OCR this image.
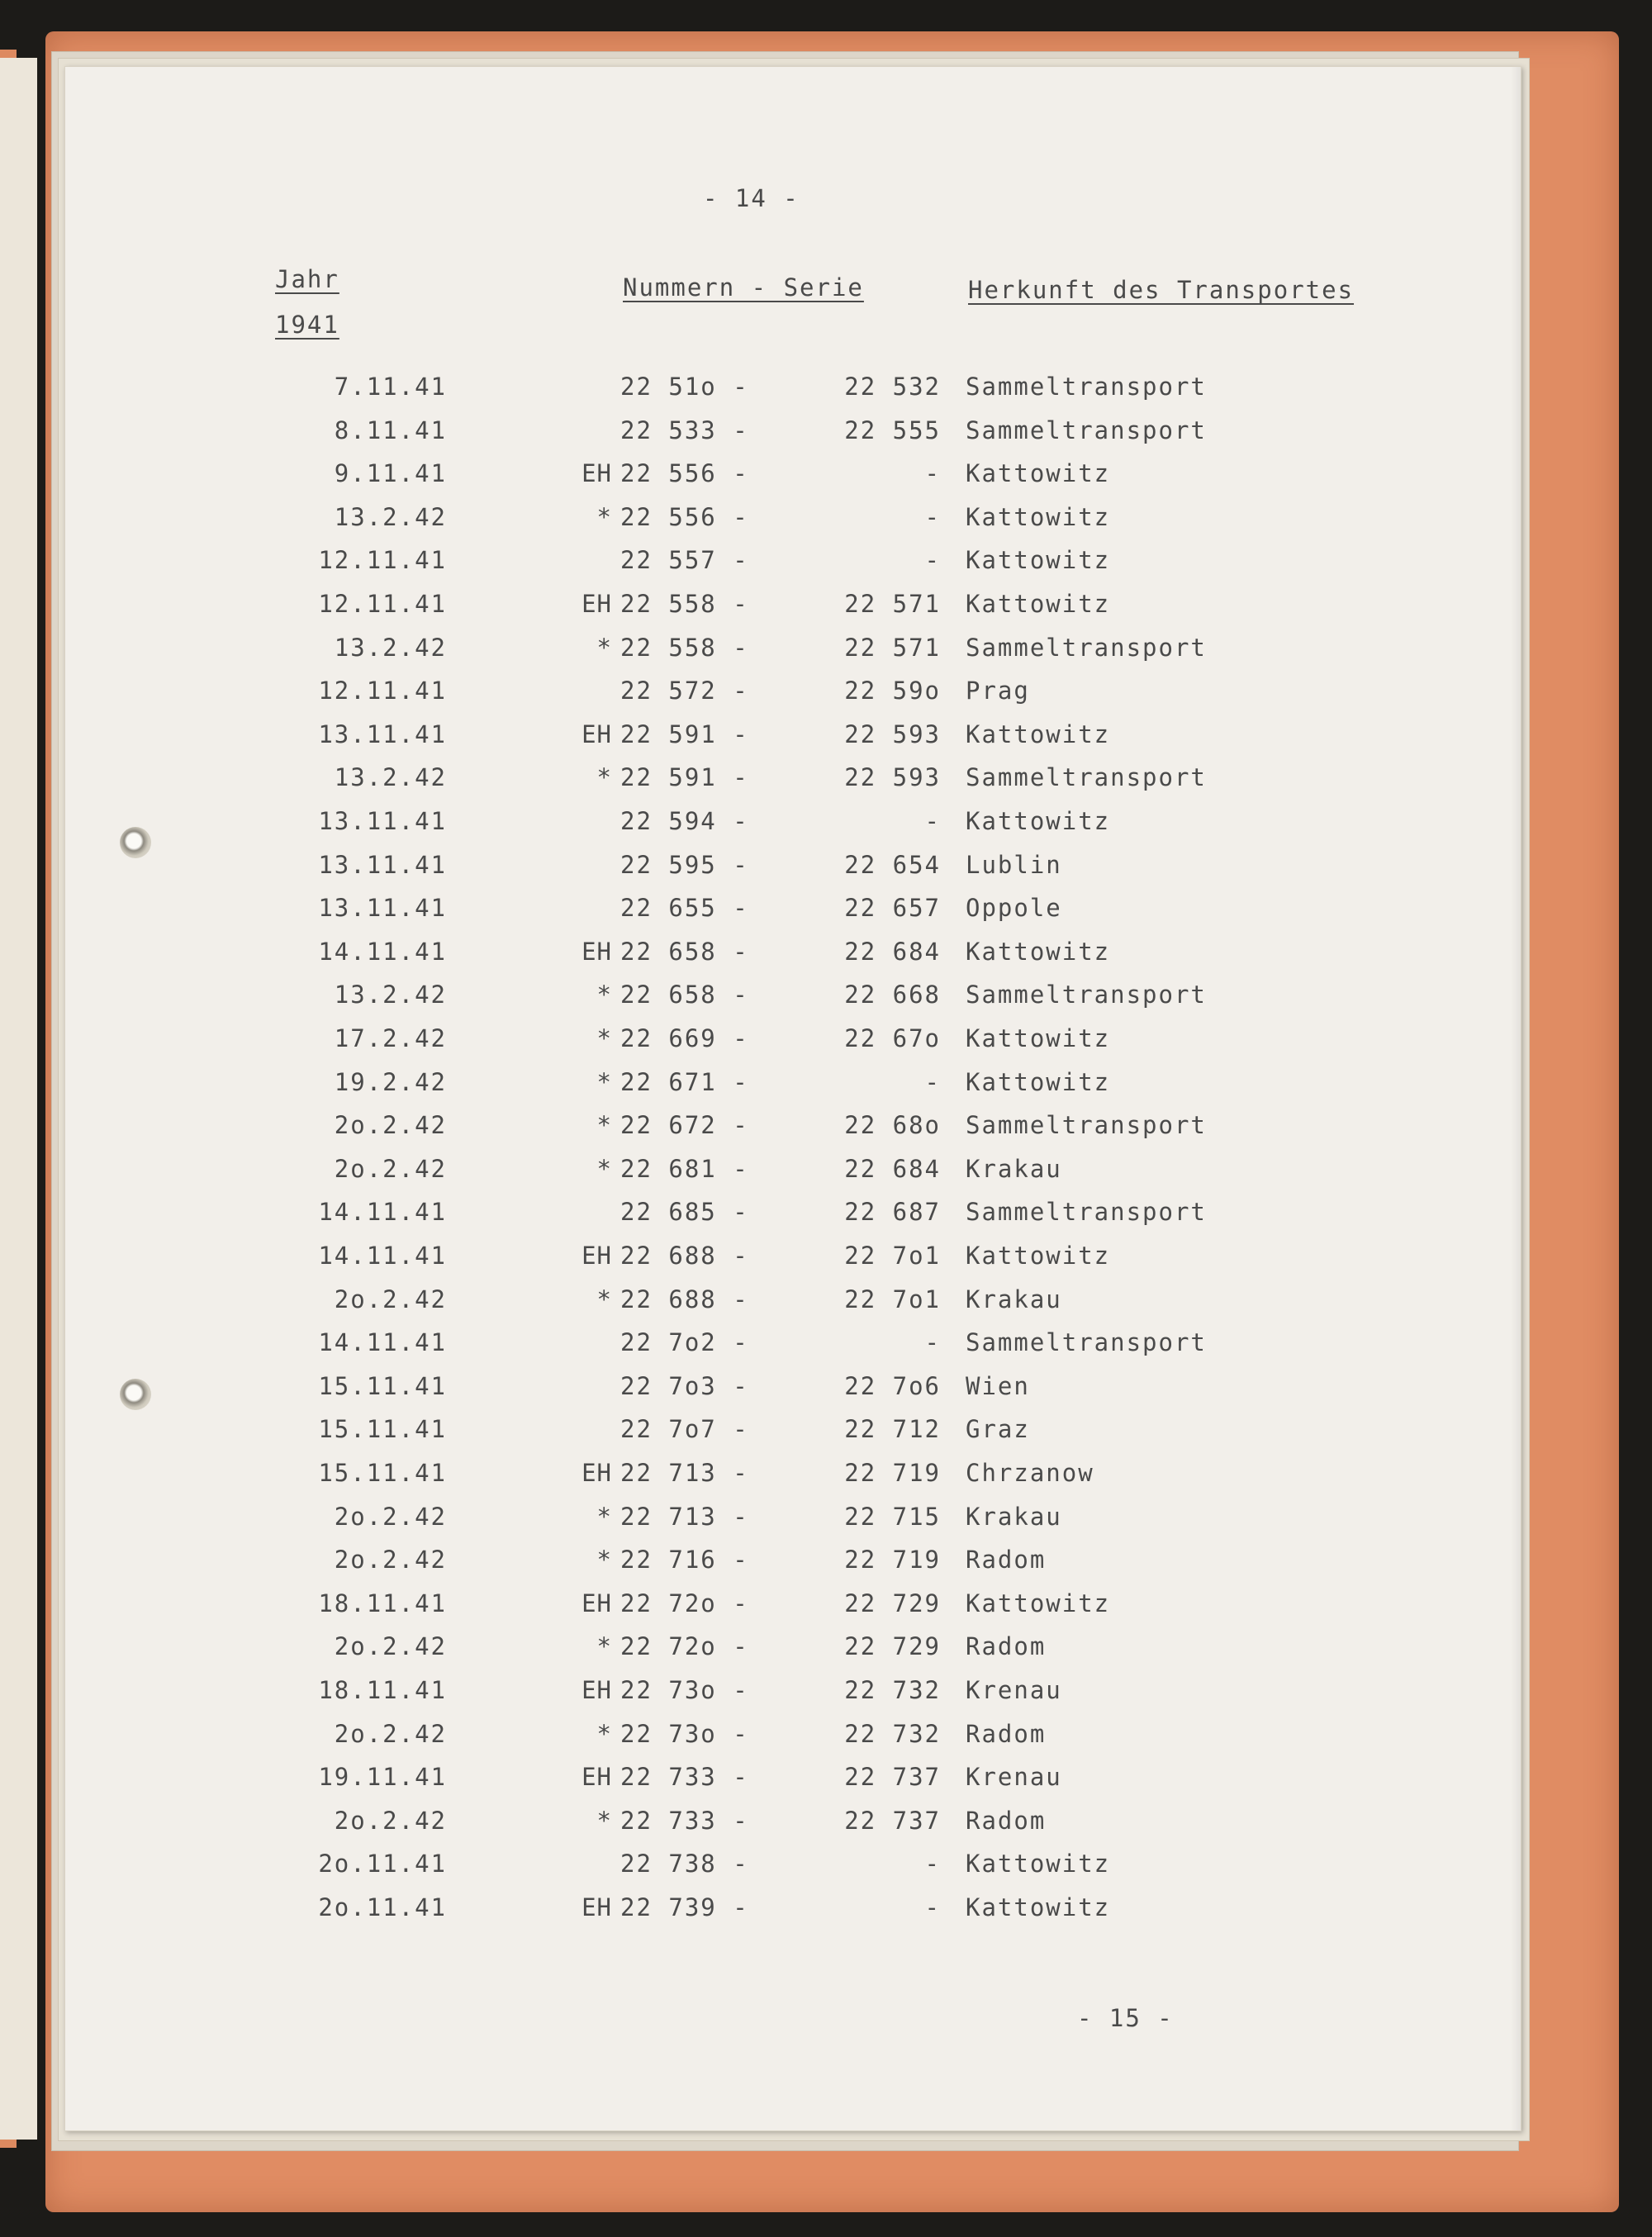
- 14 -
Jahr
1941
Nummern - Serie	Herkunft des Transportes
7.11.41	22 51o -	22 532 Sammeltransport
8.11.41	22 533 -	22 555 Sammeltransport
9.11.41	EH 22 556 -	- Kattowitz
13.2.42	* 22 556 -	- Kattowitz
12.11.41	22 557 -	- Kattowitz
12.11.41	EH 22 558 -	22 571 Kattowitz
13.2.42	* 22 558 -	22 571 Sammeltransport
12.11.41	22 572 -	22 59o Prag
13.11.41	EH 22 591 -	22 593 Kattowitz
13.2.42	* 22 591 -	22 593 Sammeltransport
13.11.41	22 594 -	- Kattowitz
13.11.41	22 595 -	22 654 Lublin
13.11.41	22 655 -	22 657 Oppole
14.11.41	EH 22 658 -	22 684 Kattowitz
13.2.42	* 22 658 -	22 668 Sammeltransport
17.2.42	* 22 669 -	22 67o Kattowitz
19.2.42	* 22 671 -	- Kattowitz
2o.2.42	* 22 672 -	22 68o Sammeltransport
2o.2.42	* 22 681 -	22 684 Krakau
14.11.41	22 685 -	22 687 Sammeltransport
14.11.41	EH 22 688 -	22 7o1 Kattowitz
2o.2.42	* 22 688 -	22 7o1 Krakau
14.11.41	22 7o2 -	- Sammeltransport
15.11.41	22 7o3 -	22 7o6 Wien
15.11.41	22 7o7 -	22 712 Graz
15.11.41	EH 22 713 -	22 719 Chrzanow
2o.2.42	* 22 713 -	22 715 Krakau
2o.2.42	* 22 716 -	22 719 Radom
18.11.41	EH 22 72o -	22 729 Kattowitz
2o.2.42	* 22 72o -	22 729 Radom
18.11.41	EH 22 73o -	22 732 Krenau
2o.2.42	* 22 73o -	22 732 Radom
19.11.41	EH 22 733 -	22 737 Krenau
2o.2.42	* 22 733 -	22 737 Radom
2o.11.41	22 738 -	- Kattowitz
2o.11.41	EH 22 739 -	- Kattowitz
- 15 -
